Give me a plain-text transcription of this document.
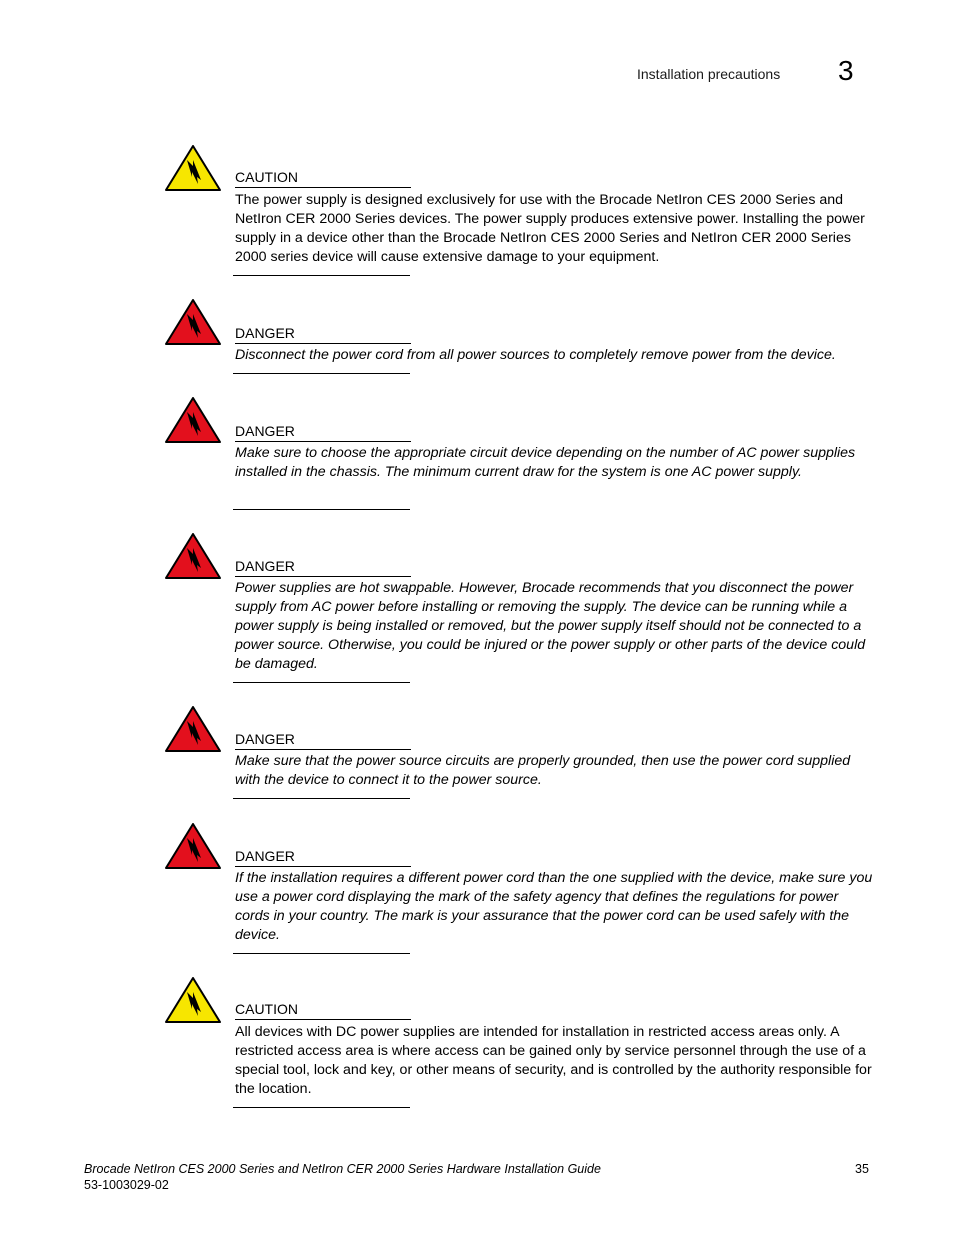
Installation precautions 3
CAUTION
The power supply is designed exclusively for use with the Brocade NetIron CES 2000 Series and NetIron CER 2000 Series devices. The power supply produces extensive power. Installing the power supply in a device other than the Brocade NetIron CES 2000 Series and NetIron CER 2000 Series 2000 series device will cause extensive damage to your equipment.
DANGER
Disconnect the power cord from all power sources to completely remove power from the device.
DANGER
Make sure to choose the appropriate circuit device depending on the number of AC power supplies installed in the chassis. The minimum current draw for the system is one AC power supply.
DANGER
Power supplies are hot swappable. However, Brocade recommends that you disconnect the power supply from AC power before installing or removing the supply. The device can be running while a power supply is being installed or removed, but the power supply itself should not be connected to a power source. Otherwise, you could be injured or the power supply or other parts of the device could be damaged.
DANGER
Make sure that the power source circuits are properly grounded, then use the power cord supplied with the device to connect it to the power source.
DANGER
If the installation requires a different power cord than the one supplied with the device, make sure you use a power cord displaying the mark of the safety agency that defines the regulations for power cords in your country. The mark is your assurance that the power cord can be used safely with the device.
CAUTION
All devices with DC power supplies are intended for installation in restricted access areas only. A restricted access area is where access can be gained only by service personnel through the use of a special tool, lock and key, or other means of security, and is controlled by the authority responsible for the location.
Brocade NetIron CES 2000 Series and NetIron CER 2000 Series Hardware Installation Guide
53-1003029-02
35
